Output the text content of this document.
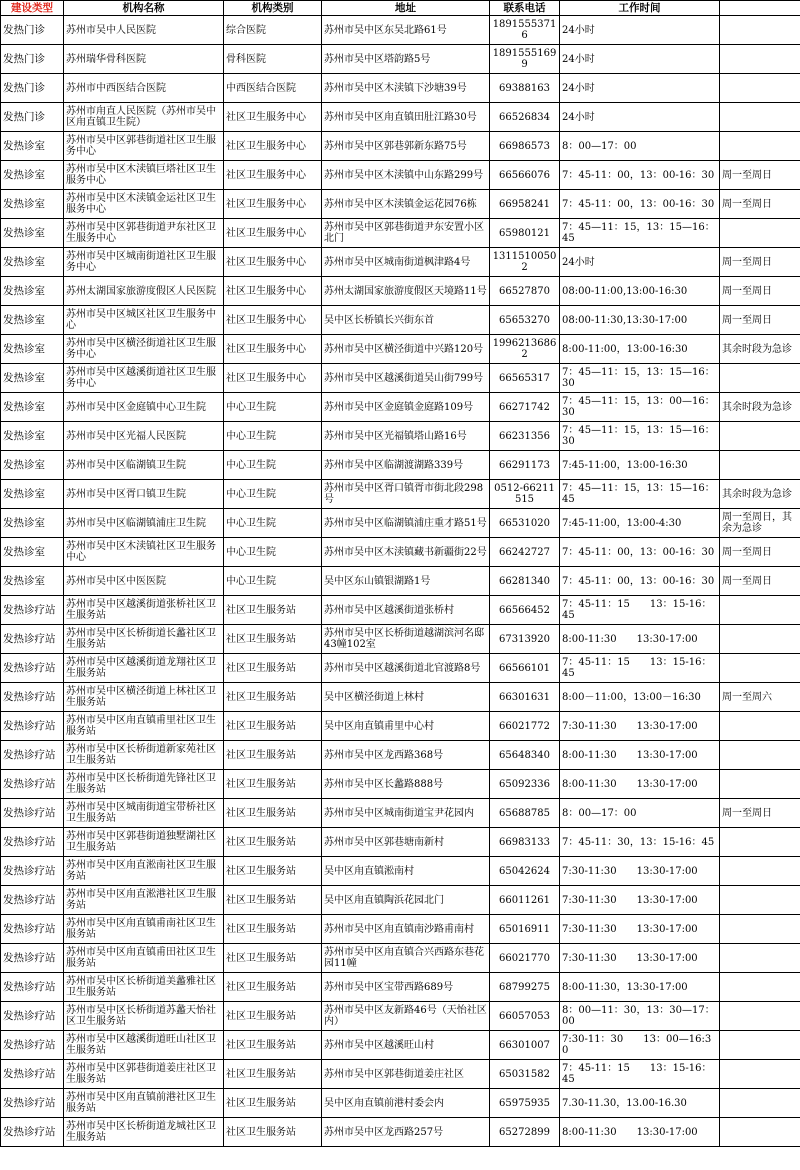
建设类型	机构名称	机构类别	地址	联系电话	工作时间	
发热门诊	苏州市吴中人民医院	综合医院	苏州市吴中区东吴北路61号	18915553716	24小时	
发热门诊	苏州瑞华骨科医院	骨科医院	苏州市吴中区塔韵路5号	18915551699	24小时	
发热门诊	苏州市中西医结合医院	中西医结合医院	苏州市吴中区木渎镇下沙塘39号	69388163	24小时	
发热门诊	苏州市甪直人民医院（苏州市吴中区甪直镇卫生院）	社区卫生服务中心	苏州市吴中区甪直镇田肚江路30号	66526834	24小时	
发热诊室	苏州市吴中区郭巷街道社区卫生服务中心	社区卫生服务中心	苏州市吴中区郭巷郭新东路75号	66986573	8：00—17：00	
发热诊室	苏州市吴中区木渎镇巨塔社区卫生服务中心	社区卫生服务中心	苏州市吴中区木渎镇中山东路299号	66566076	7：45-11：00，13：00-16：30	周一至周日
发热诊室	苏州市吴中区木渎镇金运社区卫生服务中心	社区卫生服务中心	苏州市吴中区木渎镇金运花园76栋	66958241	7：45-11：00，13：00-16：30	周一至周日
发热诊室	苏州市吴中区郭巷街道尹东社区卫生服务中心	社区卫生服务中心	苏州市吴中区郭巷街道尹东安置小区北门	65980121	7：45—11：15，13：15—16：45	
发热诊室	苏州市吴中区城南街道社区卫生服务中心	社区卫生服务中心	苏州市吴中区城南街道枫津路4号	13115100502	24小时	周一至周日
发热诊室	苏州太湖国家旅游度假区人民医院	社区卫生服务中心	苏州太湖国家旅游度假区天境路11号	66527870	08:00-11:00,13:00-16:30	周一至周日
发热诊室	苏州市吴中区城区社区卫生服务中心	社区卫生服务中心	吴中区长桥镇长兴街东首	65653270	08:00-11:30,13:30-17:00	周一至周日
发热诊室	苏州市吴中区横泾街道社区卫生服务中心	社区卫生服务中心	苏州市吴中区横泾街道中兴路120号	19962136862	8:00-11:00，13:00-16:30	其余时段为急诊
发热诊室	苏州市吴中区越溪街道社区卫生服务中心	社区卫生服务中心	苏州市吴中区越溪街道吴山街799号	66565317	7：45—11：15，13：15—16：30	
发热诊室	苏州市吴中区金庭镇中心卫生院	中心卫生院	苏州市吴中区金庭镇金庭路109号	66271742	7：45—11：15，13：00—16：30	其余时段为急诊
发热诊室	苏州市吴中区光福人民医院	中心卫生院	苏州市吴中区光福镇塔山路16号	66231356	7：45—11：15，13：15—16：30	
发热诊室	苏州市吴中区临湖镇卫生院	中心卫生院	苏州市吴中区临湖渡湖路339号	66291173	7:45-11:00，13:00-16:30	
发热诊室	苏州市吴中区胥口镇卫生院	中心卫生院	苏州市吴中区胥口镇胥市街北段298号	0512-66211515	7：45—11：15，13：15—16：45	其余时段为急诊
发热诊室	苏州市吴中区临湖镇浦庄卫生院	中心卫生院	苏州市吴中区临湖镇浦庄重才路51号	66531020	7:45-11:00，13:00-4:30	周一至周日，其余为急诊
发热诊室	苏州市吴中区木渎镇社区卫生服务中心	中心卫生院	苏州市吴中区木渎镇藏书新疆街22号	66242727	7：45-11：00，13：00-16：30	周一至周日
发热诊室	苏州市吴中区中医医院	中心卫生院	吴中区东山镇银湖路1号	66281340	7：45-11：00，13：00-16：30	周一至周日
发热诊疗站	苏州市吴中区越溪街道张桥社区卫生服务站	社区卫生服务站	苏州市吴中区越溪街道张桥村	66566452	7：45-11：15　　13：15-16：45	
发热诊疗站	苏州市吴中区长桥街道长蠡社区卫生服务站	社区卫生服务站	苏州市吴中区长桥街道越湖滨河名邸43幢102室	67313920	8:00-11:30　　13:30-17:00	
发热诊疗站	苏州市吴中区越溪街道龙翔社区卫生服务站	社区卫生服务站	苏州市吴中区越溪街道北官渡路8号	66566101	7：45-11：15　　13：15-16：45	
发热诊疗站	苏州市吴中区横泾街道上林社区卫生服务站	社区卫生服务站	吴中区横泾街道上林村	66301631	8:00－11:00，13:00－16:30	周一至周六
发热诊疗站	苏州市吴中区甪直镇甫里社区卫生服务站	社区卫生服务站	吴中区甪直镇甫里中心村	66021772	7:30-11:30　　13:30-17:00	
发热诊疗站	苏州市吴中区长桥街道新家苑社区卫生服务站	社区卫生服务站	苏州市吴中区龙西路368号	65648340	8:00-11:30　　13:30-17:00	
发热诊疗站	苏州市吴中区长桥街道先锋社区卫生服务站	社区卫生服务站	苏州市吴中区长蠡路888号	65092336	8:00-11:30　　13:30-17:00	
发热诊疗站	苏州市吴中区城南街道宝带桥社区卫生服务站	社区卫生服务站	苏州市吴中区城南街道宝尹花园内	65688785	8：00—17：00	周一至周日
发热诊疗站	苏州市吴中区郭巷街道独墅湖社区卫生服务站	社区卫生服务站	苏州市吴中区郭巷塘南新村	66983133	7：45-11：30，13：15-16：45	
发热诊疗站	苏州市吴中区甪直淞南社区卫生服务站	社区卫生服务站	吴中区甪直镇淞南村	65042624	7:30-11:30　　13:30-17:00	
发热诊疗站	苏州市吴中区甪直淞港社区卫生服务站	社区卫生服务站	吴中区甪直镇陶浜花园北门	66011261	7:30-11:30　　13:30-17:00	
发热诊疗站	苏州市吴中区甪直镇甫南社区卫生服务站	社区卫生服务站	苏州市吴中区甪直镇南沙路甫南村	65016911	7:30-11:30　　13:30-17:00	
发热诊疗站	苏州市吴中区甪直镇甫田社区卫生服务站	社区卫生服务站	苏州市吴中区甪直镇合兴西路东巷花园11幢	66021770	7:30-11:30　　13:30-17:00	
发热诊疗站	苏州市吴中区长桥街道美蠡雅社区卫生服务站	社区卫生服务站	苏州市吴中区宝带西路689号	68799275	8:00-11:30，13:30-17:00	
发热诊疗站	苏州市吴中区长桥街道苏蠡天怡社区卫生服务站	社区卫生服务站	苏州市吴中区友新路46号（天怡社区内）	66057053	8：00—11：30，13：30—17：00	
发热诊疗站	苏州市吴中区越溪街道旺山社区卫生服务站	社区卫生服务站	苏州市吴中区越溪旺山村	66301007	7:30-11：30　　13：00—16:30	
发热诊疗站	苏州市吴中区郭巷街道姜庄社区卫生服务站	社区卫生服务站	苏州市吴中区郭巷街道姜庄社区	65031582	7：45-11：15　　13：15-16：45	
发热诊疗站	苏州市吴中区甪直镇前港社区卫生服务站	社区卫生服务站	吴中区甪直镇前港村委会内	65975935	7.30-11.30，13.00-16.30	
发热诊疗站	苏州市吴中区长桥街道龙城社区卫生服务站	社区卫生服务站	苏州市吴中区龙西路257号	65272899	8:00-11:30　　13:30-17:00	
